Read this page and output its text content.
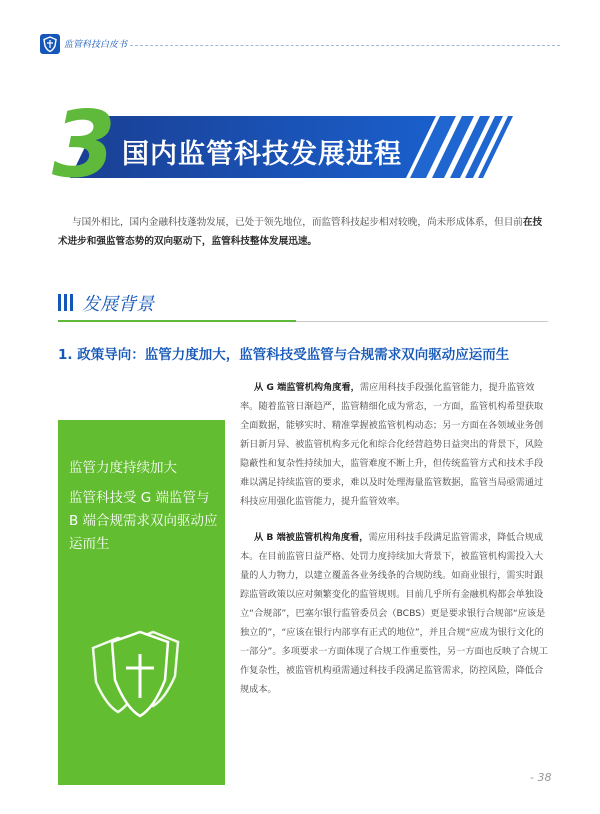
监管科技白皮书
3 国内监管科技发展进程
与国外相比，国内金融科技蓬勃发展，已处于领先地位，而监管科技起步相对较晚，尚未形成体系，但目前在技术进步和强监管态势的双向驱动下，监管科技整体发展迅速。
发展背景
1. 政策导向：监管力度加大，监管科技受监管与合规需求双向驱动应运而生
监管力度持续加大
监管科技受 G 端监管与 B 端合规需求双向驱动应运而生
从 G 端监管机构角度看，需应用科技手段强化监管能力，提升监管效率。随着监管日渐趋严，监管精细化成为常态，一方面，监管机构希望获取全面数据，能够实时、精准掌握被监管机构动态；另一方面在各领域业务创新日新月异、被监管机构多元化和综合化经营趋势日益突出的背景下，风险隐蔽性和复杂性持续加大，监管难度不断上升，但传统监管方式和技术手段难以满足持续监管的要求，难以及时处理海量监管数据，监管当局亟需通过科技应用强化监管能力，提升监管效率。
从 B 端被监管机构角度看，需应用科技手段满足监管需求，降低合规成本。在目前监管日益严格、处罚力度持续加大背景下，被监管机构需投入大量的人力物力，以建立覆盖各业务线条的合规防线。如商业银行，需实时跟踪监管政策以应对频繁变化的监管规则。目前几乎所有金融机构都会单独设立“合规部”，巴塞尔银行监管委员会（BCBS）更是要求银行合规部“应该是独立的”，“应该在银行内部享有正式的地位”，并且合规“应成为银行文化的一部分”。多项要求一方面体现了合规工作重要性，另一方面也反映了合规工作复杂性，被监管机构亟需通过科技手段满足监管需求，防控风险，降低合规成本。
- 38
